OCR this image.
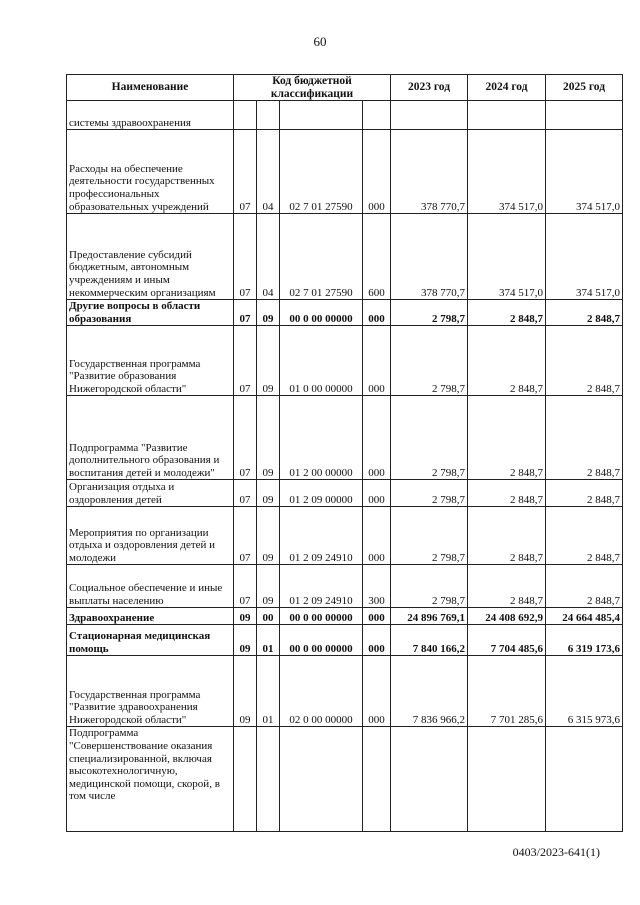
60
Наименование	Код бюджетной классификации				2023 год	2024 год	2025 год
системы здравоохранения							
Расходы на обеспечение деятельности государственных профессиональных образовательных учреждений	07	04	02 7 01 27590	000	378 770,7	374 517,0	374 517,0
Предоставление субсидий бюджетным, автономным учреждениям и иным некоммерческим организациям	07	04	02 7 01 27590	600	378 770,7	374 517,0	374 517,0
Другие вопросы в области образования	07	09	00 0 00 00000	000	2 798,7	2 848,7	2 848,7
Государственная программа "Развитие образования Нижегородской области"	07	09	01 0 00 00000	000	2 798,7	2 848,7	2 848,7
Подпрограмма "Развитие дополнительного образования и воспитания детей и молодежи"	07	09	01 2 00 00000	000	2 798,7	2 848,7	2 848,7
Организация отдыха и оздоровления детей	07	09	01 2 09 00000	000	2 798,7	2 848,7	2 848,7
Мероприятия по организации отдыха и оздоровления детей и молодежи	07	09	01 2 09 24910	000	2 798,7	2 848,7	2 848,7
Социальное обеспечение и иные выплаты населению	07	09	01 2 09 24910	300	2 798,7	2 848,7	2 848,7
Здравоохранение	09	00	00 0 00 00000	000	24 896 769,1	24 408 692,9	24 664 485,4
Стационарная медицинская помощь	09	01	00 0 00 00000	000	7 840 166,2	7 704 485,6	6 319 173,6
Государственная программа "Развитие здравоохранения Нижегородской области"	09	01	02 0 00 00000	000	7 836 966,2	7 701 285,6	6 315 973,6
Подпрограмма "Совершенствование оказания специализированной, включая высокотехнологичную, медицинской помощи, скорой, в том числе							
0403/2023-641(1)
